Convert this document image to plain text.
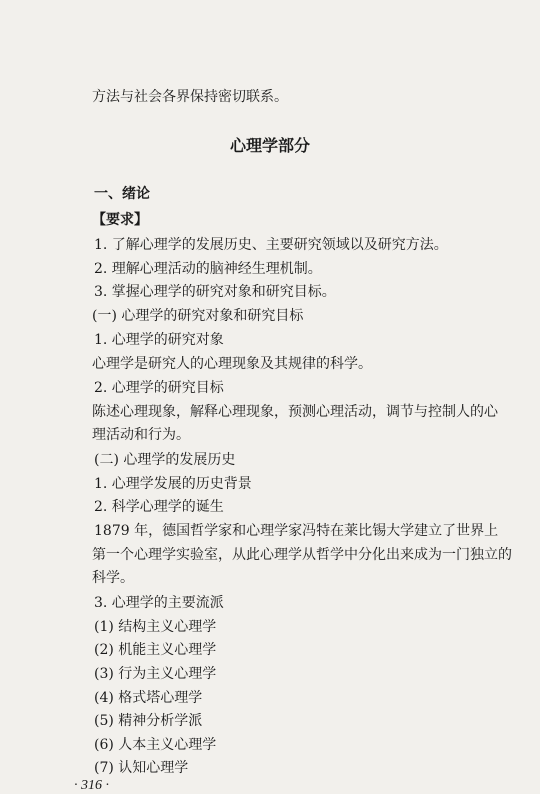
方法与社会各界保持密切联系。
心理学部分
一、绪论
【要求】
1. 了解心理学的发展历史、主要研究领域以及研究方法。
2. 理解心理活动的脑神经生理机制。
3. 掌握心理学的研究对象和研究目标。
(一) 心理学的研究对象和研究目标
1. 心理学的研究对象
心理学是研究人的心理现象及其规律的科学。
2. 心理学的研究目标
陈述心理现象，解释心理现象，预测心理活动，调节与控制人的心
理活动和行为。
(二) 心理学的发展历史
1. 心理学发展的历史背景
2. 科学心理学的诞生
1879 年，德国哲学家和心理学家冯特在莱比锡大学建立了世界上
第一个心理学实验室，从此心理学从哲学中分化出来成为一门独立的
科学。
3. 心理学的主要流派
(1) 结构主义心理学
(2) 机能主义心理学
(3) 行为主义心理学
(4) 格式塔心理学
(5) 精神分析学派
(6) 人本主义心理学
(7) 认知心理学
· 316 ·
